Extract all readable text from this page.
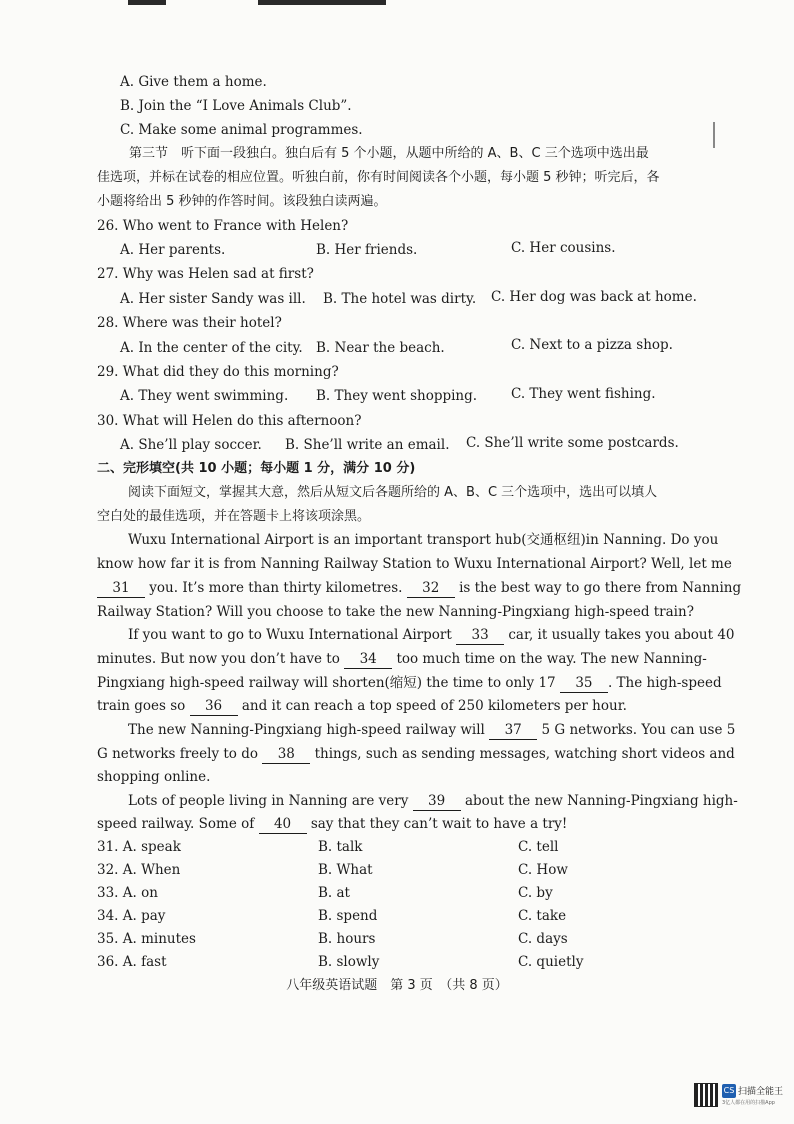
A. Give them a home.
B. Join the “I Love Animals Club”.
C. Make some animal programmes.
第三节　听下面一段独白。独白后有 5 个小题，从题中所给的 A、B、C 三个选项中选出最
佳选项，并标在试卷的相应位置。听独白前，你有时间阅读各个小题，每小题 5 秒钟；听完后，各
小题将给出 5 秒钟的作答时间。该段独白读两遍。
26. Who went to France with Helen?
A. Her parents.	B. Her friends.	C. Her cousins.
27. Why was Helen sad at first?
A. Her sister Sandy was ill. B. The hotel was dirty. C. Her dog was back at home.
28. Where was their hotel?
A. In the center of the city. B. Near the beach.	C. Next to a pizza shop.
29. What did they do this morning?
A. They went swimming. B. They went shopping.	C. They went fishing.
30. What will Helen do this afternoon?
A. She’ll play soccer. B. She’ll write an email. C. She’ll write some postcards.
二、完形填空(共 10 小题；每小题 1 分，满分 10 分)
阅读下面短文，掌握其大意，然后从短文后各题所给的 A、B、C 三个选项中，选出可以填人
空白处的最佳选项，并在答题卡上将该项涂黑。
Wuxu International Airport is an important transport hub(交通枢纽)in Nanning. Do you
know how far it is from Nanning Railway Station to Wuxu International Airport? Well, let me
31 you. It’s more than thirty kilometres. 32 is the best way to go there from Nanning
Railway Station? Will you choose to take the new Nanning-Pingxiang high-speed train?
If you want to go to Wuxu International Airport 33 car, it usually takes you about 40
minutes. But now you don’t have to 34 too much time on the way. The new Nanning-
Pingxiang high-speed railway will shorten(缩短) the time to only 17 35 . The high-speed
train goes so 36 and it can reach a top speed of 250 kilometers per hour.
The new Nanning-Pingxiang high-speed railway will 37 5 G networks. You can use 5
G networks freely to do 38 things, such as sending messages, watching short videos and
shopping online.
Lots of people living in Nanning are very 39 about the new Nanning-Pingxiang high-
speed railway. Some of 40 say that they can’t wait to have a try!
31. A. speak	B. talk	C. tell
32. A. When	B. What	C. How
33. A. on	B. at	C. by
34. A. pay	B. spend	C. take
35. A. minutes	B. hours	C. days
36. A. fast	B. slowly	C. quietly
八年级英语试题　第 3 页　（共 8 页）
CS 扫描全能王
3亿人都在用的扫描App
